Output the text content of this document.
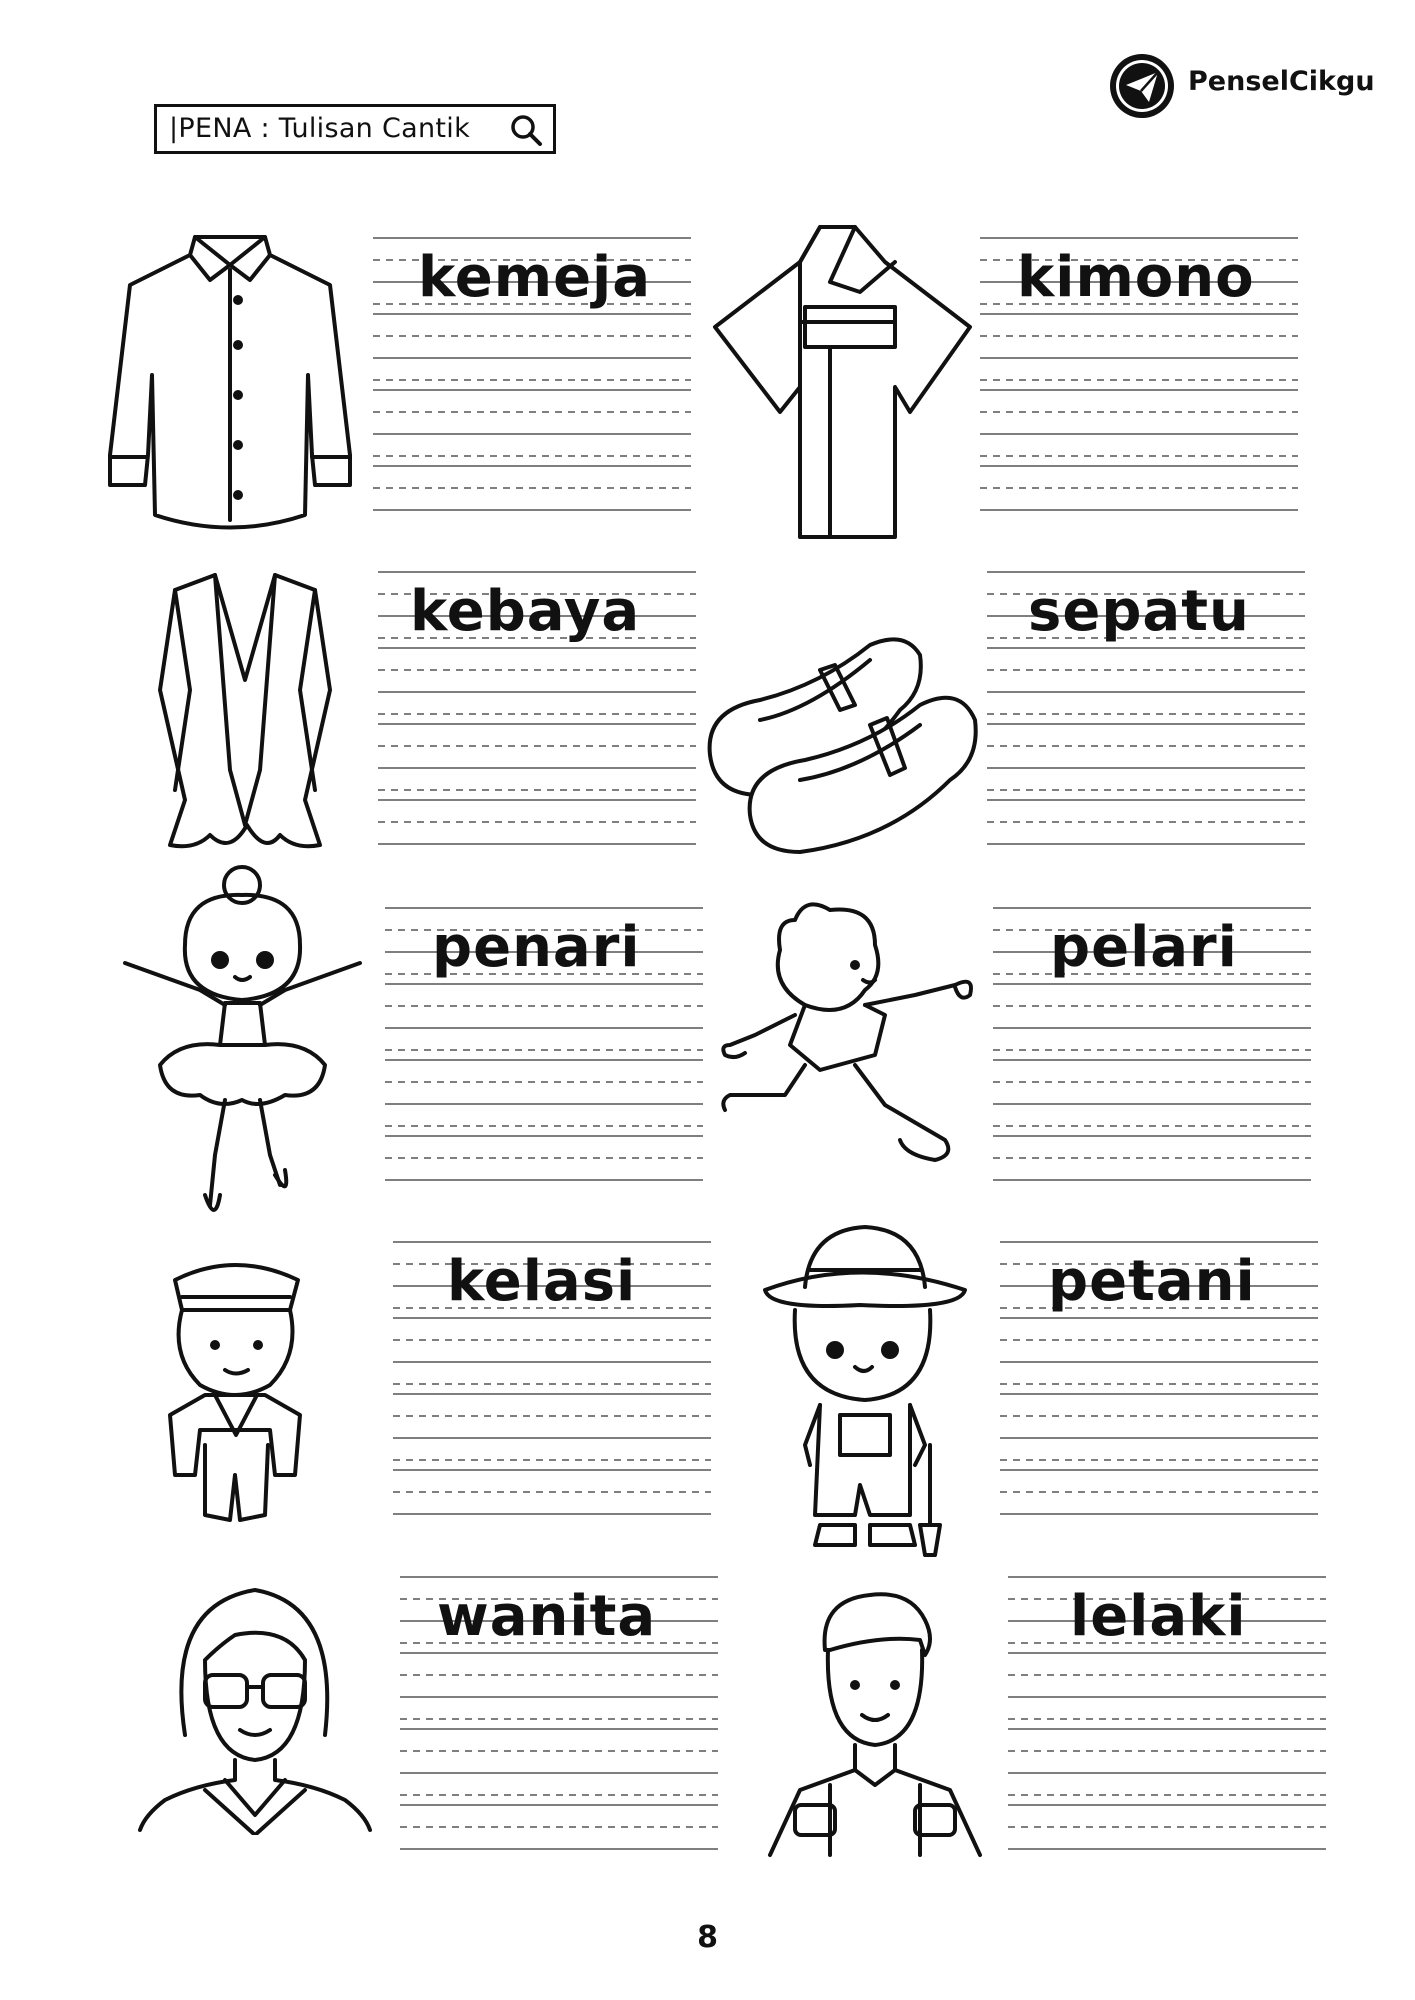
|PENA : Tulisan Cantik
PenselCikgu
kemeja	kimono
kebaya	sepatu
penari	pelari
kelasi	petani
wanita	lelaki
8
